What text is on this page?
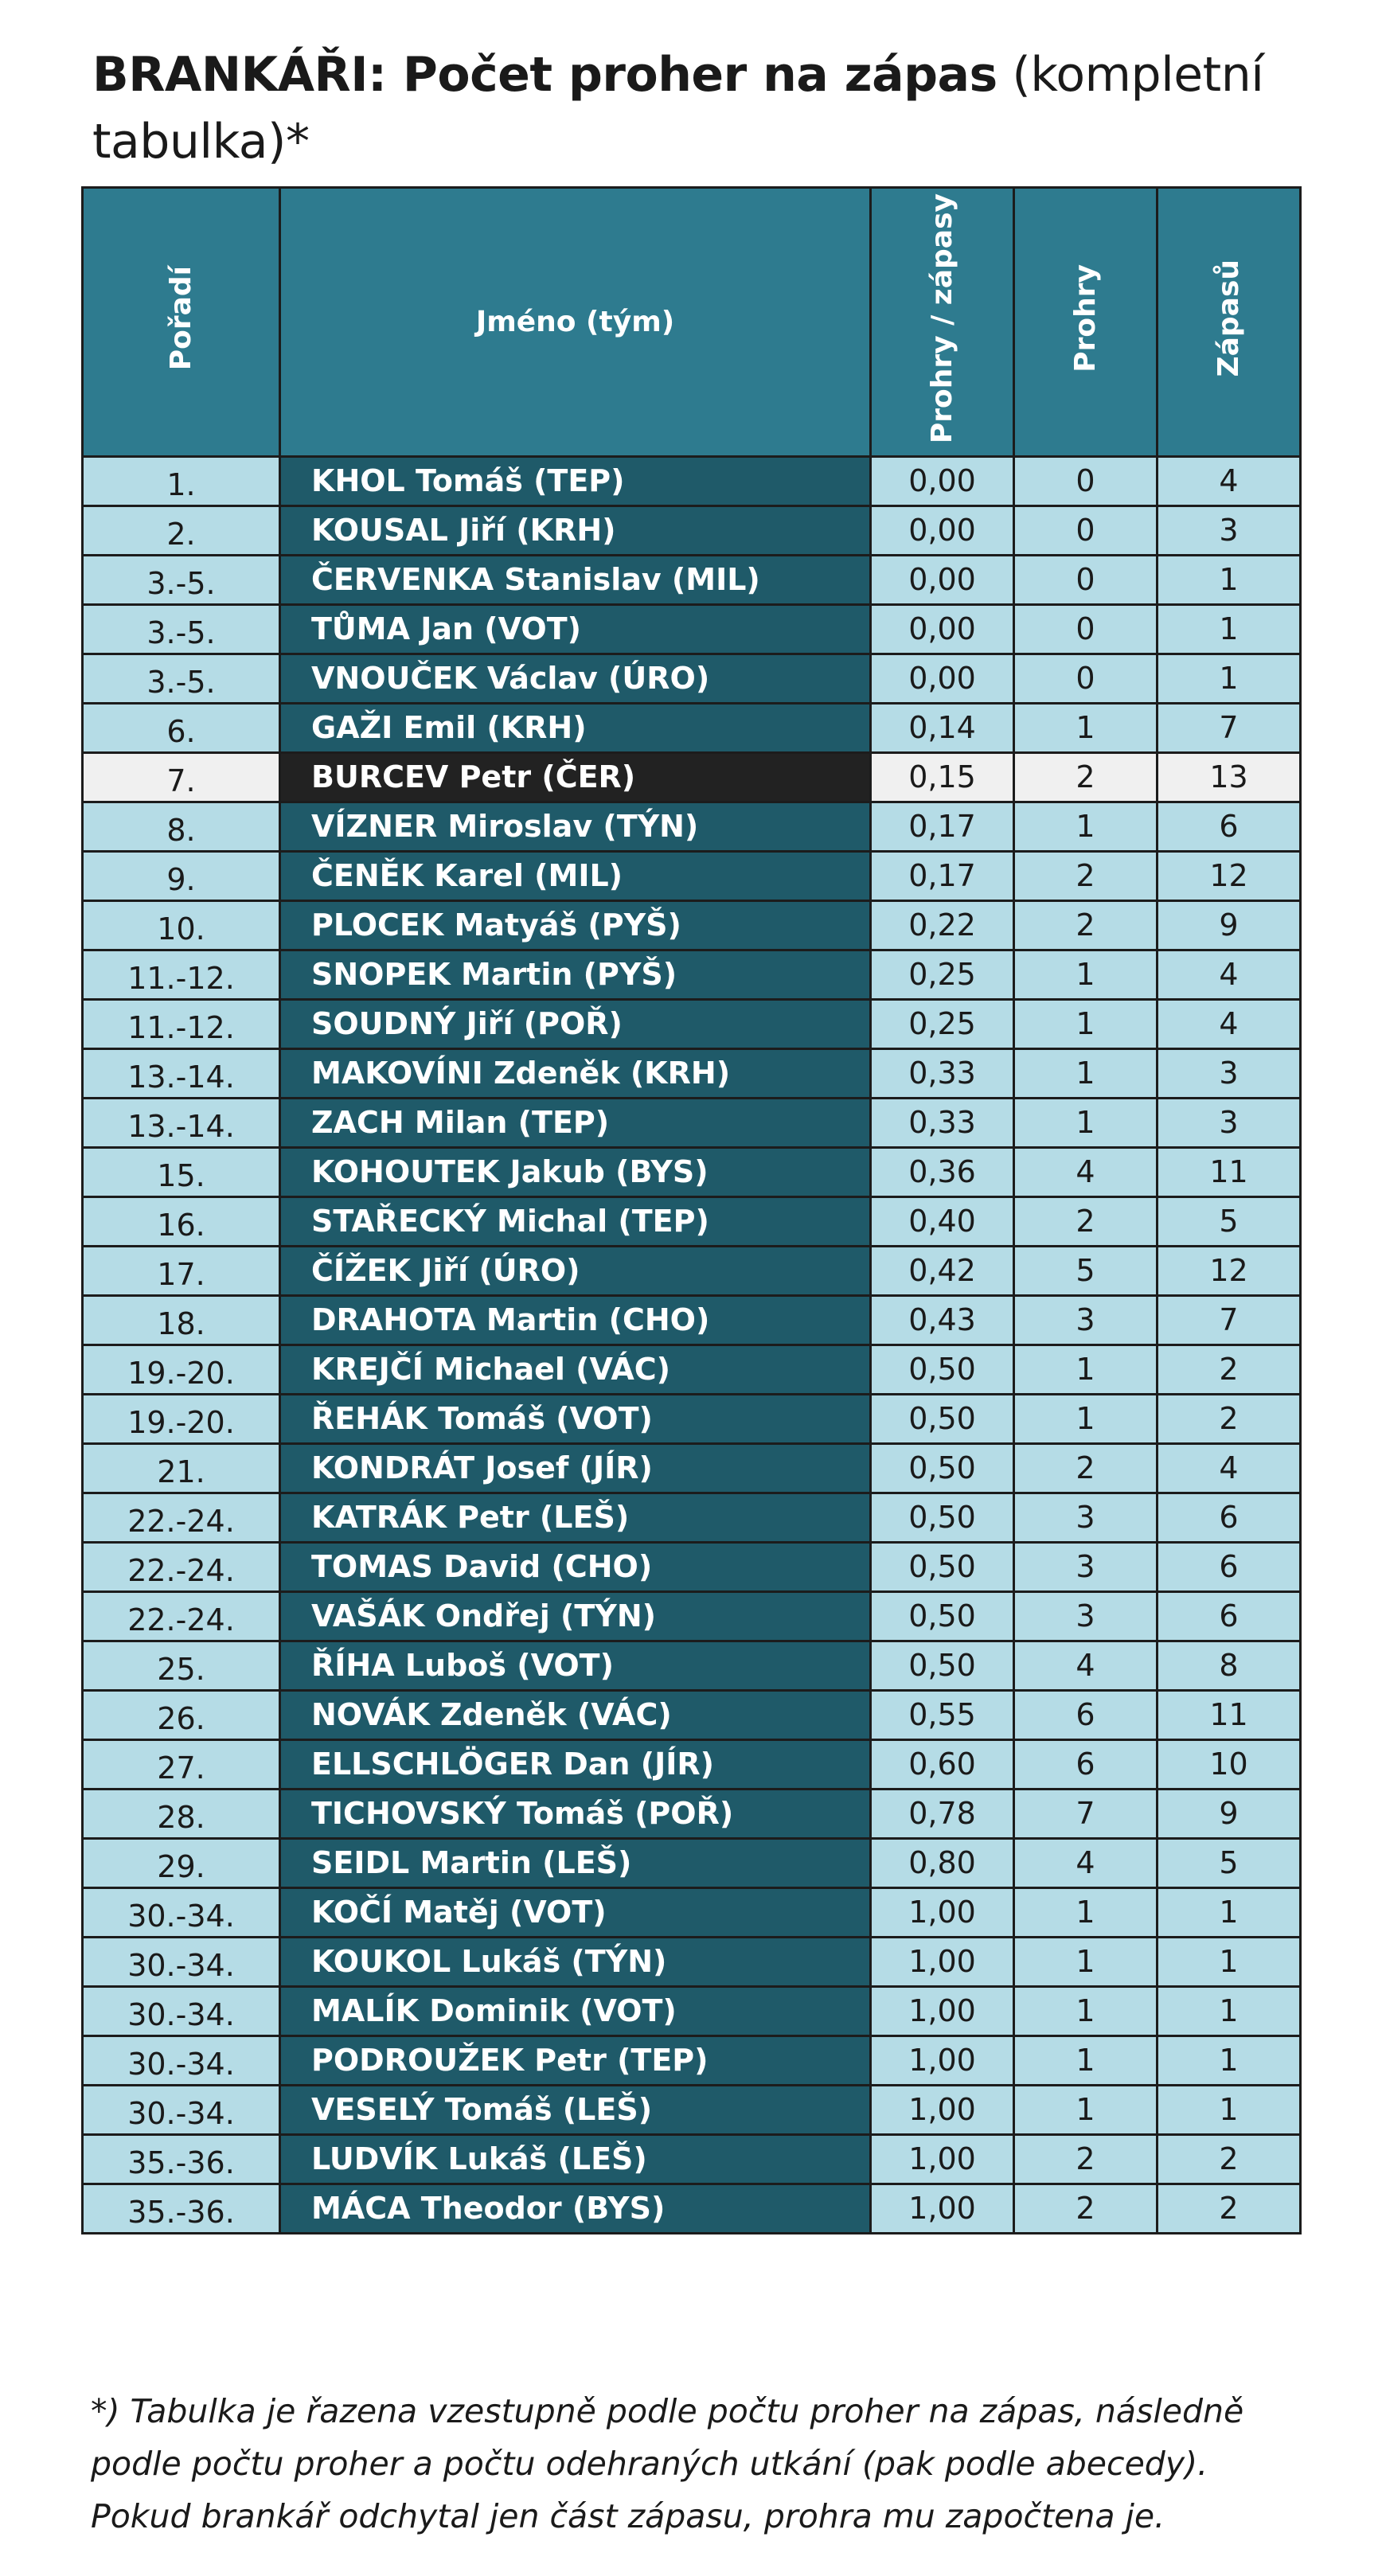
BRANKÁŘI: Počet proher na zápas (kompletní tabulka)*
Pořadí	Jméno (tým)	Prohry / zápasy	Prohry	Zápasů
1.	KHOL Tomáš (TEP)	0,00	0	4
2.	KOUSAL Jiří (KRH)	0,00	0	3
3.-5.	ČERVENKA Stanislav (MIL)	0,00	0	1
3.-5.	TŮMA Jan (VOT)	0,00	0	1
3.-5.	VNOUČEK Václav (ÚRO)	0,00	0	1
6.	GAŽI Emil (KRH)	0,14	1	7
7.	BURCEV Petr (ČER)	0,15	2	13
8.	VÍZNER Miroslav (TÝN)	0,17	1	6
9.	ČENĚK Karel (MIL)	0,17	2	12
10.	PLOCEK Matyáš (PYŠ)	0,22	2	9
11.-12.	SNOPEK Martin (PYŠ)	0,25	1	4
11.-12.	SOUDNÝ Jiří (POŘ)	0,25	1	4
13.-14.	MAKOVÍNI Zdeněk (KRH)	0,33	1	3
13.-14.	ZACH Milan (TEP)	0,33	1	3
15.	KOHOUTEK Jakub (BYS)	0,36	4	11
16.	STAŘECKÝ Michal (TEP)	0,40	2	5
17.	ČÍŽEK Jiří (ÚRO)	0,42	5	12
18.	DRAHOTA Martin (CHO)	0,43	3	7
19.-20.	KREJČÍ Michael (VÁC)	0,50	1	2
19.-20.	ŘEHÁK Tomáš (VOT)	0,50	1	2
21.	KONDRÁT Josef (JÍR)	0,50	2	4
22.-24.	KATRÁK Petr (LEŠ)	0,50	3	6
22.-24.	TOMAS David (CHO)	0,50	3	6
22.-24.	VAŠÁK Ondřej (TÝN)	0,50	3	6
25.	ŘÍHA Luboš (VOT)	0,50	4	8
26.	NOVÁK Zdeněk (VÁC)	0,55	6	11
27.	ELLSCHLÖGER Dan (JÍR)	0,60	6	10
28.	TICHOVSKÝ Tomáš (POŘ)	0,78	7	9
29.	SEIDL Martin (LEŠ)	0,80	4	5
30.-34.	KOČÍ Matěj (VOT)	1,00	1	1
30.-34.	KOUKOL Lukáš (TÝN)	1,00	1	1
30.-34.	MALÍK Dominik (VOT)	1,00	1	1
30.-34.	PODROUŽEK Petr (TEP)	1,00	1	1
30.-34.	VESELÝ Tomáš (LEŠ)	1,00	1	1
35.-36.	LUDVÍK Lukáš (LEŠ)	1,00	2	2
35.-36.	MÁCA Theodor (BYS)	1,00	2	2
*) Tabulka je řazena vzestupně podle počtu proher na zápas, následně podle počtu proher a počtu odehraných utkání (pak podle abecedy). Pokud brankář odchytal jen část zápasu, prohra mu započtena je.
